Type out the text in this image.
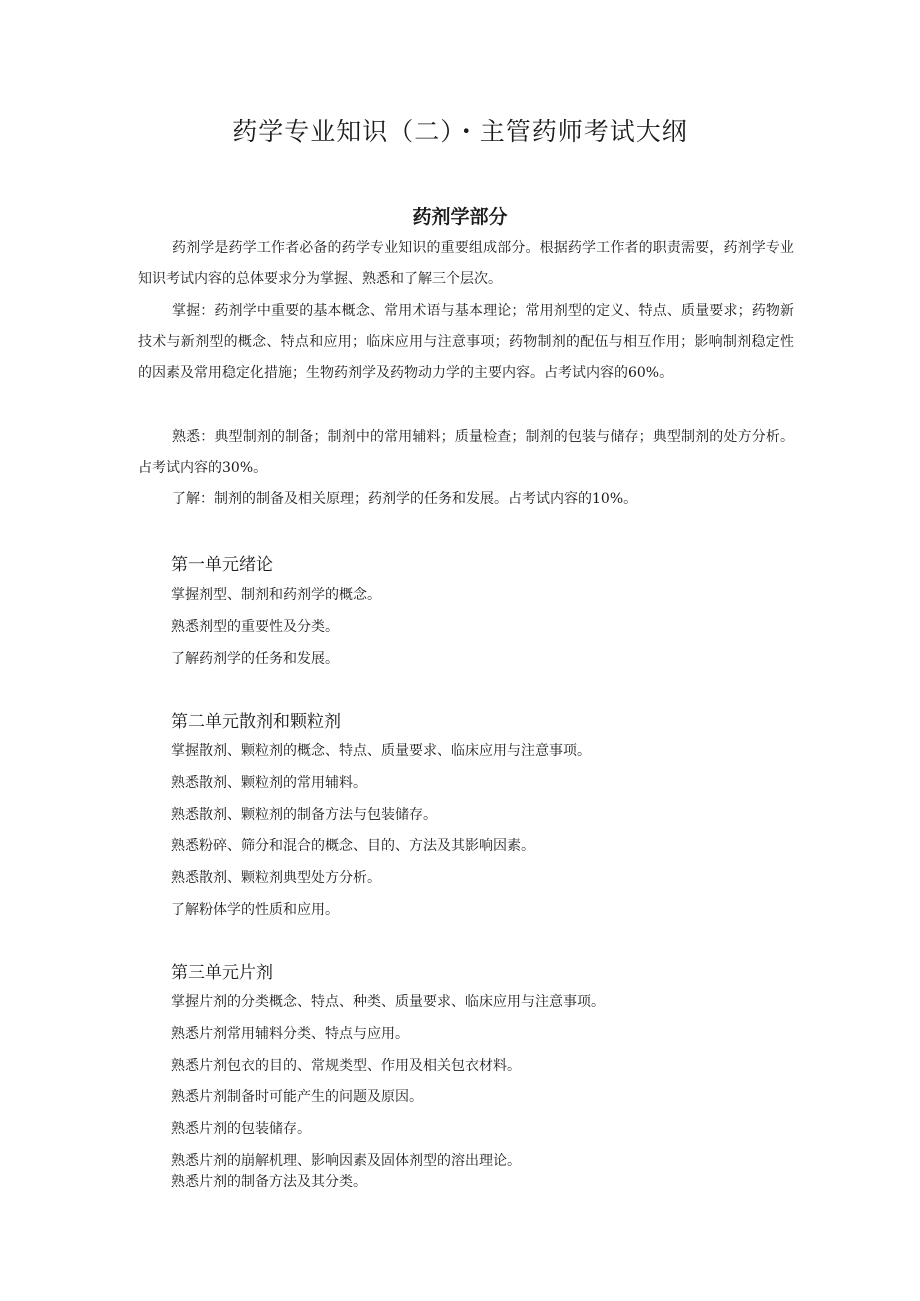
药学专业知识（二）・主管药师考试大纲
药剂学部分

药剂学是药学工作者必备的药学专业知识的重要组成部分。根据药学工作者的职责需要，药剂学专业知识考试内容的总体要求分为掌握、熟悉和了解三个层次。

掌握：药剂学中重要的基本概念、常用术语与基本理论；常用剂型的定义、特点、质量要求；药物新技术与新剂型的概念、特点和应用；临床应用与注意事项；药物制剂的配伍与相互作用；影响制剂稳定性的因素及常用稳定化措施；生物药剂学及药物动力学的主要内容。占考试内容的60%。

熟悉：典型制剂的制备；制剂中的常用辅料；质量检查；制剂的包装与储存；典型制剂的处方分析。占考试内容的30%。

了解：制剂的制备及相关原理；药剂学的任务和发展。占考试内容的10%。

第一单元绪论

掌握剂型、制剂和药剂学的概念。

熟悉剂型的重要性及分类。

了解药剂学的任务和发展。

第二单元散剂和颗粒剂

掌握散剂、颗粒剂的概念、特点、质量要求、临床应用与注意事项。

熟悉散剂、颗粒剂的常用辅料。

熟悉散剂、颗粒剂的制备方法与包装储存。

熟悉粉碎、筛分和混合的概念、目的、方法及其影响因素。

熟悉散剂、颗粒剂典型处方分析。

了解粉体学的性质和应用。

第三单元片剂

掌握片剂的分类概念、特点、种类、质量要求、临床应用与注意事项。

熟悉片剂常用辅料分类、特点与应用。

熟悉片剂包衣的目的、常规类型、作用及相关包衣材料。

熟悉片剂制备时可能产生的问题及原因。

熟悉片剂的包装储存。

熟悉片剂的崩解机理、影响因素及固体剂型的溶出理论。

熟悉片剂的制备方法及其分类。
